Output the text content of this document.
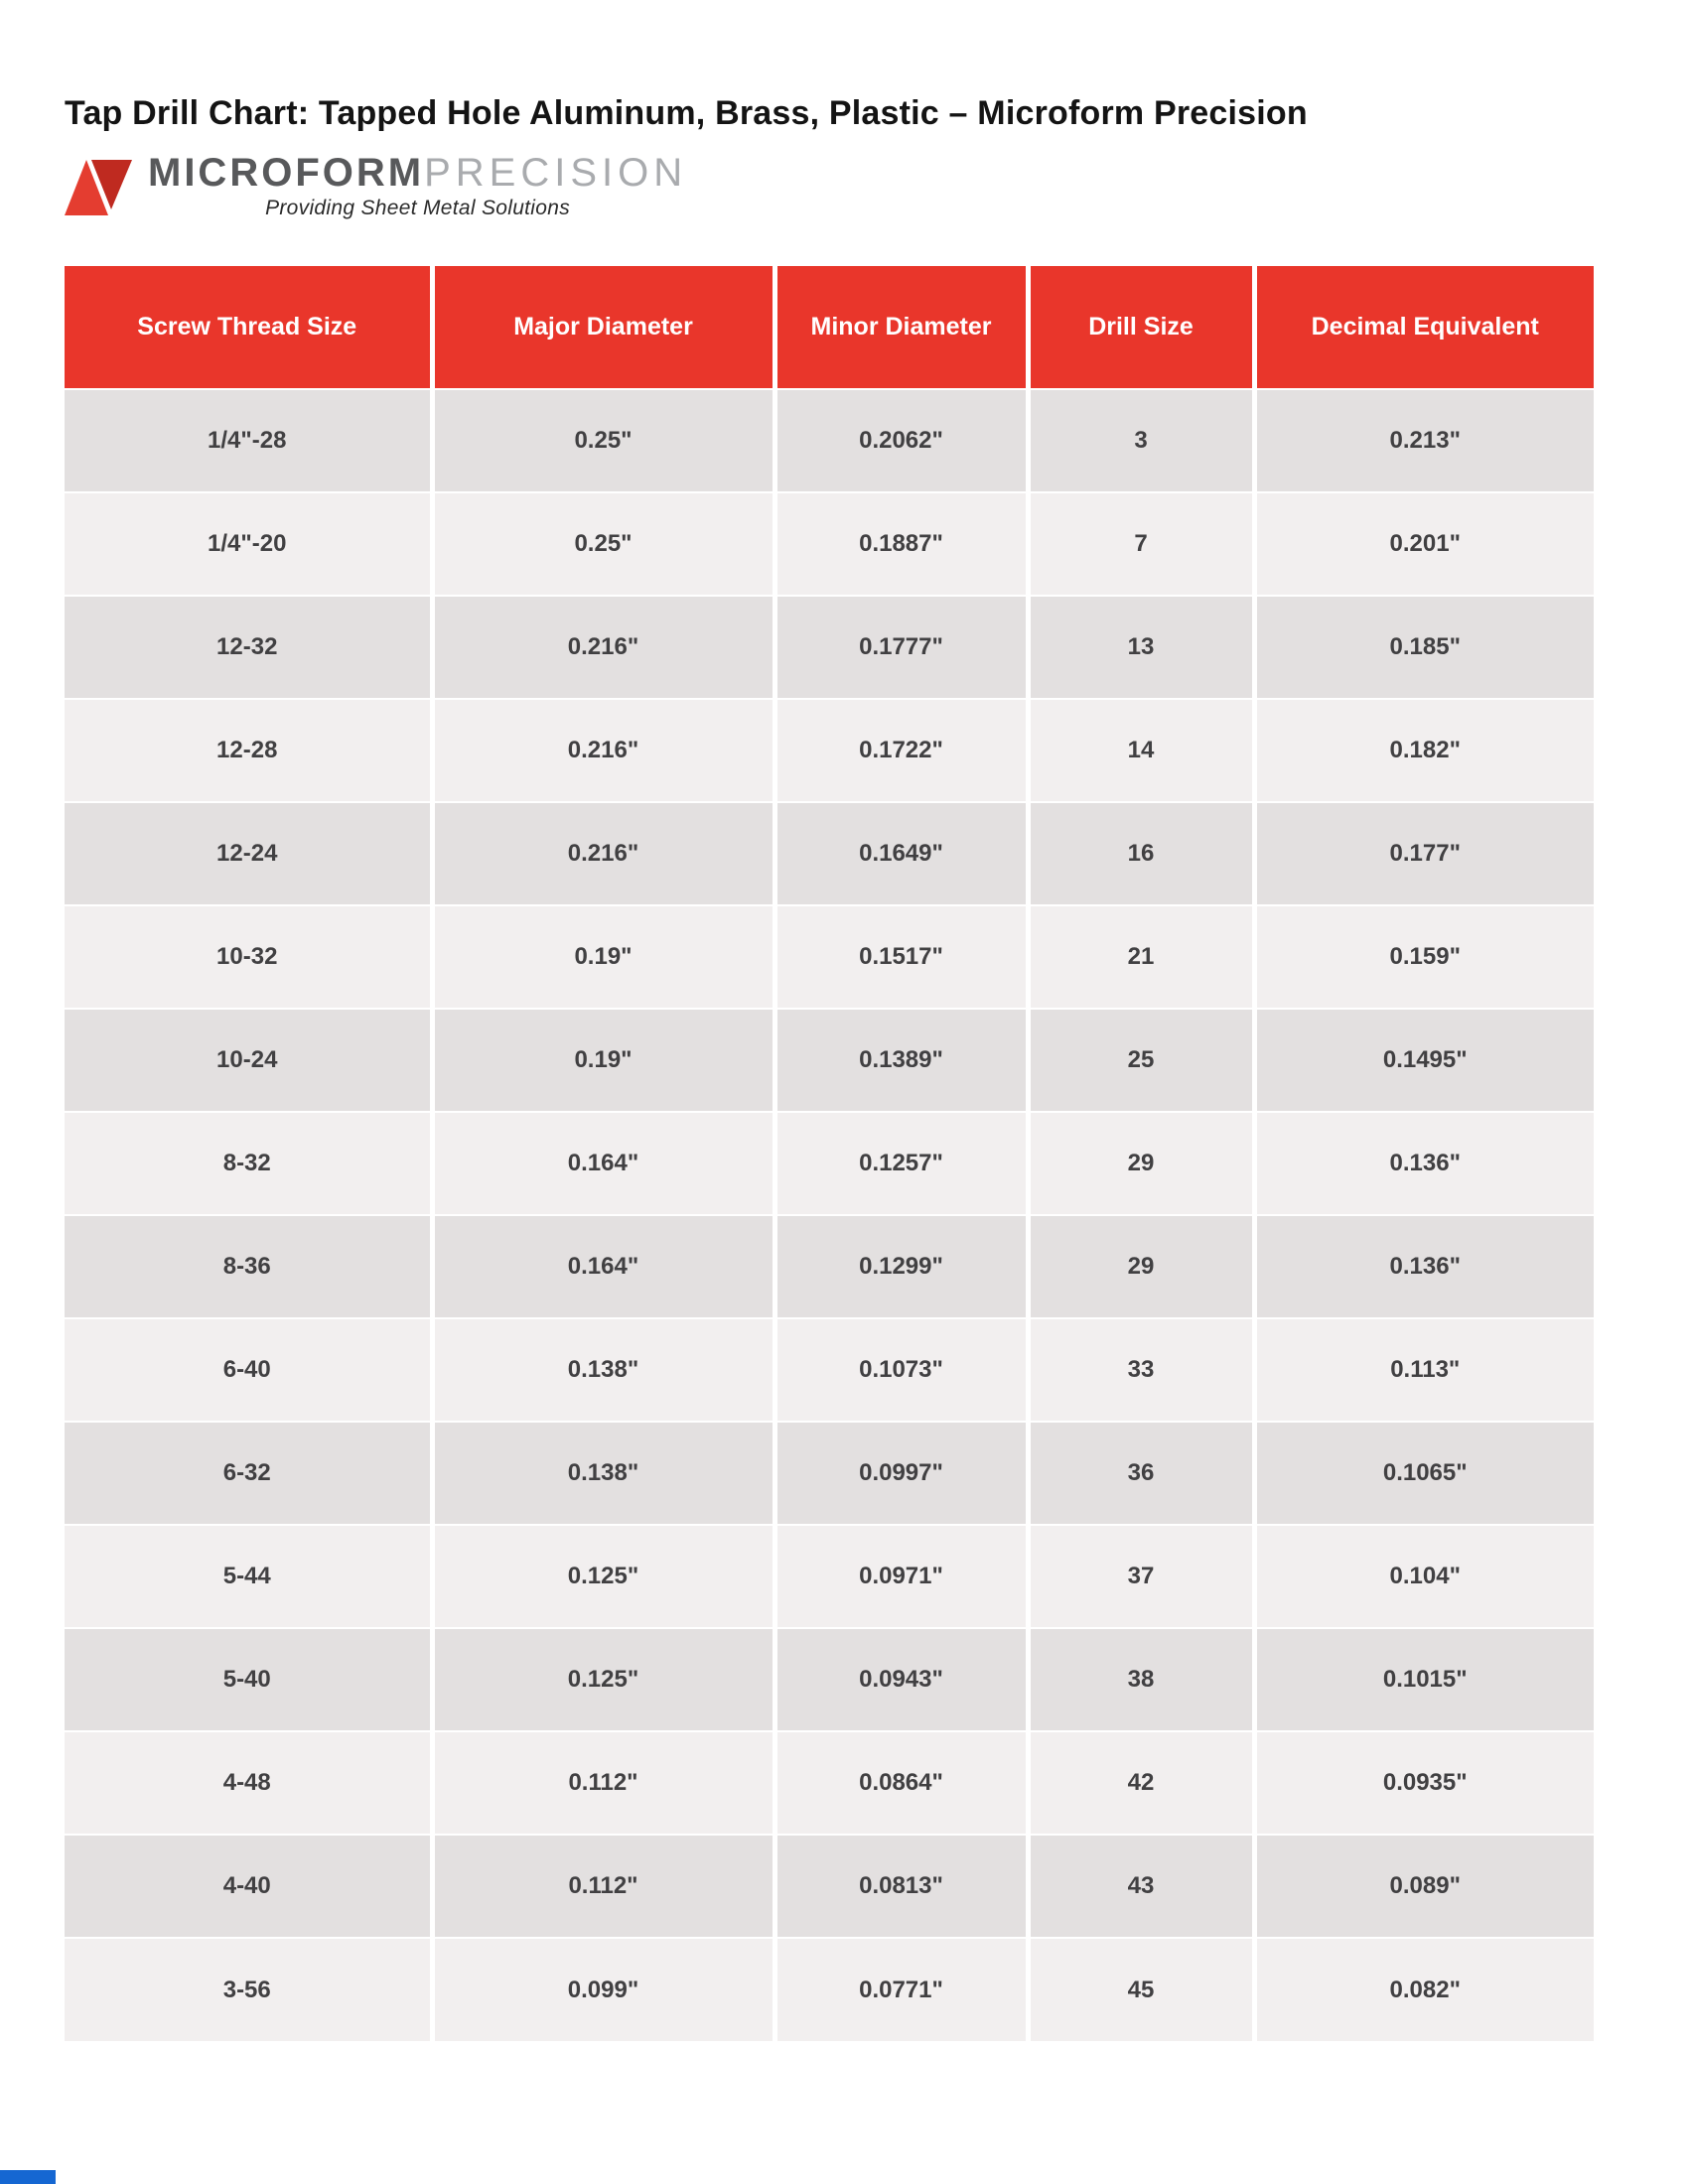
Tap Drill Chart: Tapped Hole Aluminum, Brass, Plastic – Microform Precision
MICROFORMPRECISION
Providing Sheet Metal Solutions
Screw Thread Size	Major Diameter	Minor Diameter	Drill Size	Decimal Equivalent
1/4"-28	0.25"	0.2062"	3	0.213"
1/4"-20	0.25"	0.1887"	7	0.201"
12-32	0.216"	0.1777"	13	0.185"
12-28	0.216"	0.1722"	14	0.182"
12-24	0.216"	0.1649"	16	0.177"
10-32	0.19"	0.1517"	21	0.159"
10-24	0.19"	0.1389"	25	0.1495"
8-32	0.164"	0.1257"	29	0.136"
8-36	0.164"	0.1299"	29	0.136"
6-40	0.138"	0.1073"	33	0.113"
6-32	0.138"	0.0997"	36	0.1065"
5-44	0.125"	0.0971"	37	0.104"
5-40	0.125"	0.0943"	38	0.1015"
4-48	0.112"	0.0864"	42	0.0935"
4-40	0.112"	0.0813"	43	0.089"
3-56	0.099"	0.0771"	45	0.082"
